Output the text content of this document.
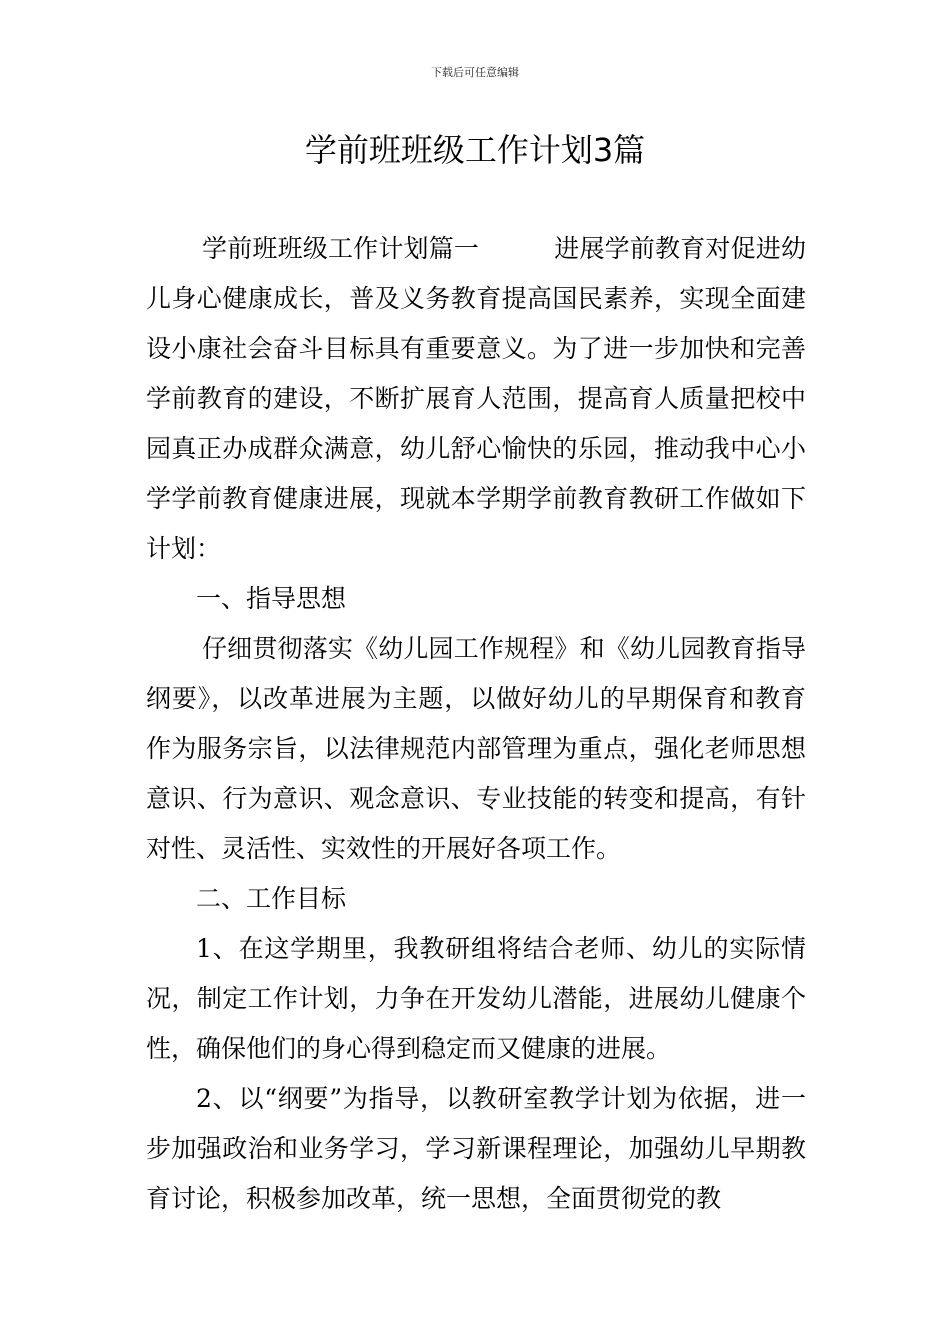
下载后可任意编辑
学前班班级工作计划3篇

学前班班级工作计划篇一	进展学前教育对促进幼儿身心健康成长，普及义务教育提高国民素养，实现全面建设小康社会奋斗目标具有重要意义。为了进一步加快和完善学前教育的建设，不断扩展育人范围，提高育人质量把校中园真正办成群众满意，幼儿舒心愉快的乐园，推动我中心小学学前教育健康进展，现就本学期学前教育教研工作做如下计划：

一、指导思想

仔细贯彻落实《幼儿园工作规程》和《幼儿园教育指导纲要》，以改革进展为主题，以做好幼儿的早期保育和教育作为服务宗旨，以法律规范内部管理为重点，强化老师思想意识、行为意识、观念意识、专业技能的转变和提高，有针对性、灵活性、实效性的开展好各项工作。

二、工作目标

1、在这学期里，我教研组将结合老师、幼儿的实际情况，制定工作计划，力争在开发幼儿潜能，进展幼儿健康个性，确保他们的身心得到稳定而又健康的进展。

2、以“纲要”为指导，以教研室教学计划为依据，进一步加强政治和业务学习，学习新课程理论，加强幼儿早期教育讨论，积极参加改革，统一思想，全面贯彻党的教
